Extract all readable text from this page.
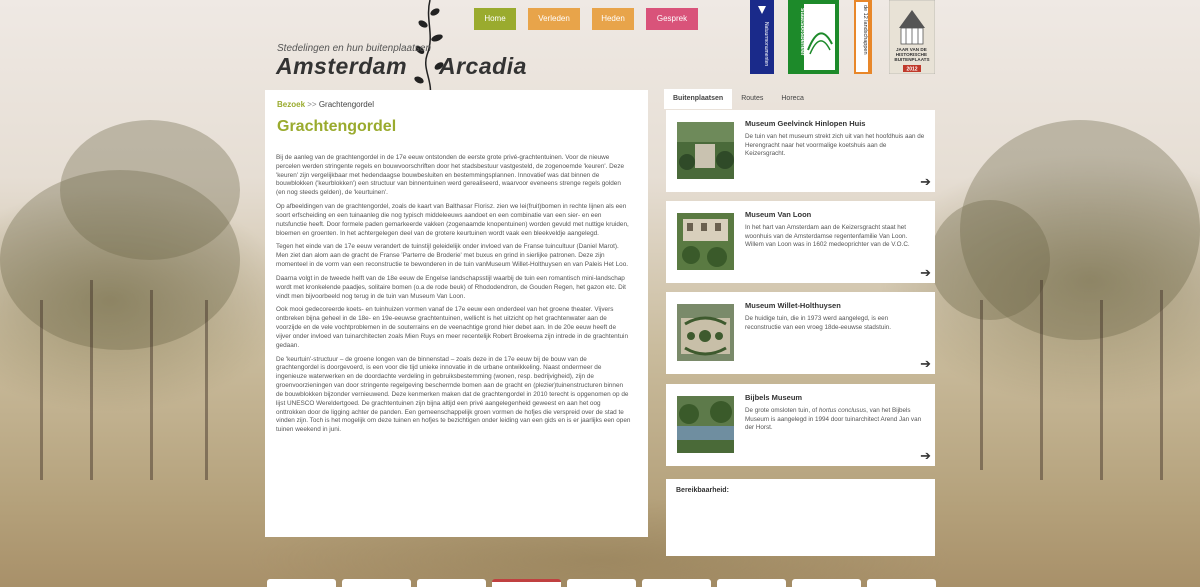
Stedelingen en hun buitenplaatsen
Amsterdam Arcadia
Home	Verleden	Heden	Gesprek
Natuurmonumenten	staatsbosbeheer	de 12 landschappen	JAAR VAN DE HISTORISCHE BUITENPLAATS
2012
Bezoek >> Grachtengordel
Grachtengordel

Bij de aanleg van de grachtengordel in de 17e eeuw ontstonden de eerste grote privé-grachtentuinen. Voor de nieuwe percelen werden stringente regels en bouwvoorschriften door het stadsbestuur vastgesteld, de zogenoemde 'keuren'. Deze 'keuren' zijn vergelijkbaar met hedendaagse bouwbesluiten en bestemmingsplannen. Innovatief was dat binnen de bouwblokken ('keurblokken') een structuur van binnentuinen werd gerealiseerd, waarvoor eveneens strenge regels golden (en nog steeds gelden), de 'keurtuinen'.

Op afbeeldingen van de grachtengordel, zoals de kaart van Balthasar Florisz. zien we lei(fruit)bomen in rechte lijnen als een soort erfscheiding en een tuinaanleg die nog typisch middeleeuws aandoet en een combinatie van een sier- en een nutsfunctie heeft. Door formele paden gemarkeerde vakken (zogenaamde knopentuinen) worden gevuld met nuttige kruiden, bloemen en groenten. In het achtergelegen deel van de grotere keurtuinen wordt vaak een bleekveldje aangelegd.

Tegen het einde van de 17e eeuw verandert de tuinstijl geleidelijk onder invloed van de Franse tuincultuur (Daniel Marot). Men ziet dan alom aan de gracht de Franse 'Parterre de Broderie' met buxus en grind in sierlijke patronen. Deze zijn momenteel in de vorm van een reconstructie te bewonderen in de tuin vanMuseum Willet-Holthuysen en van Paleis Het Loo.

Daarna volgt in de tweede helft van de 18e eeuw de Engelse landschapsstijl waarbij de tuin een romantisch mini-landschap wordt met kronkelende paadjes, solitaire bomen (o.a de rode beuk) of Rhododendron, de Gouden Regen, het gazon etc. Dit vindt men bijvoorbeeld nog terug in de tuin van Museum Van Loon.

Ook mooi gedecoreerde koets- en tuinhuizen vormen vanaf de 17e eeuw een onderdeel van het groene theater. Vijvers ontbreken bijna geheel in de 18e- en 19e-eeuwse grachtentuinen, wellicht is het uitzicht op het grachtenwater aan de voorzijde en de vele vochtproblemen in de souterrains en de veenachtige grond hier debet aan. In de 20e eeuw heeft de vijver onder invloed van tuinarchitecten zoals Mien Ruys en meer recentelijk Robert Broekema zijn intrede in de grachtentuin gedaan.

De 'keurtuin'-structuur – de groene longen van de binnenstad – zoals deze in de 17e eeuw bij de bouw van de grachtengordel is doorgevoerd, is een voor die tijd unieke innovatie in de urbane ontwikkeling. Naast ondermeer de ingenieuze waterwerken en de doordachte verdeling in gebruiksbestemming (wonen, resp. bedrijvigheid), zijn de groenvoorzieningen van door stringente regelgeving beschermde bomen aan de gracht en (plezier)tuinenstructuren binnen de bouwblokken bijzonder vernieuwend. Deze kenmerken maken dat de grachtengordel in 2010 terecht is opgenomen op de lijst UNESCO Wereldertgoed. De grachtentuinen zijn bijna altijd een privé aangelegenheid geweest en aan het oog onttrokken door de ligging achter de panden. Een gemeenschappelijk groen vormen de hofjes die verspreid over de stad te vinden zijn. Toch is het mogelijk om deze tuinen en hofjes te bezichtigen onder leiding van een gids en is er jaarlijks een open tuinen weekend in juni.

Buitenplaatsen	Routes	Horeca
Museum Geelvinck Hinlopen Huis
De tuin van het museum strekt zich uit van het hoofdhuis aan de Herengracht naar het voormalige koetshuis aan de Keizersgracht.
➔
Museum Van Loon
In het hart van Amsterdam aan de Keizersgracht staat het woonhuis van de Amsterdamse regentenfamilie Van Loon. Willem van Loon was in 1602 medeoprichter van de V.O.C.
➔
Museum Willet-Holthuysen
De huidige tuin, die in 1973 werd aangelegd, is een reconstructie van een vroeg 18de-eeuwse stadstuin.
➔
Bijbels Museum
De grote omsloten tuin, of hortus conclusus, van het Bijbels Museum is aangelegd in 1994 door tuinarchitect Arend Jan van der Horst.
➔
Bereikbaarheid:
